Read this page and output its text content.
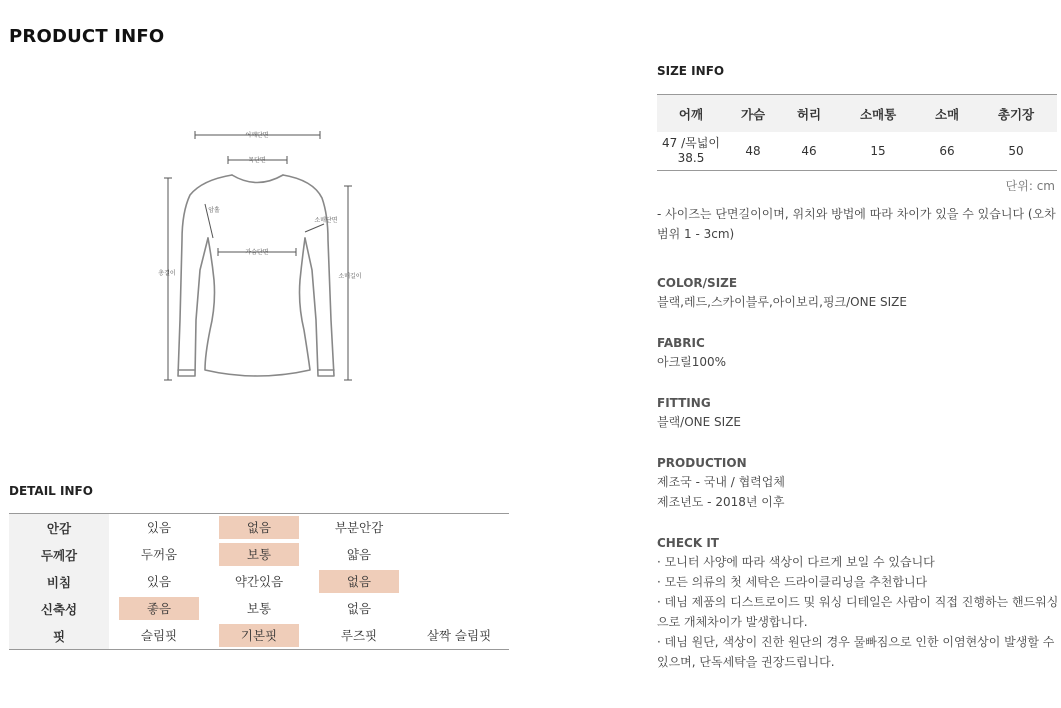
PRODUCT INFO
어깨단면
목단면
암홀
소매단면
가슴단면
총길이	소매길이
DETAIL INFO
안감	있음	없음	부분안감	
두께감	두꺼움	보통	얇음	
비침	있음	약간있음	없음	
신축성	좋음	보통	없음	
핏	슬림핏	기본핏	루즈핏	살짝 슬림핏
SIZE INFO
어깨	가슴	허리	소매통	소매	총기장
47 /목넓이 38.5	48	46	15	66	50
단위: cm
- 사이즈는 단면길이이며, 위치와 방법에 따라 차이가 있을 수 있습니다 (오차범위 1 - 3cm)
COLOR/SIZE
블랙,레드,스카이블루,아이보리,핑크/ONE SIZE
FABRIC
아크릴100%
FITTING
블랙/ONE SIZE
PRODUCTION
제조국 - 국내 / 협력업체
제조년도 - 2018년 이후
CHECK IT
· 모니터 사양에 따라 색상이 다르게 보일 수 있습니다
· 모든 의류의 첫 세탁은 드라이클리닝을 추천합니다
· 데님 제품의 디스트로이드 및 워싱 디테일은 사람이 직접 진행하는 핸드워싱으로 개체차이가 발생합니다.
· 데님 원단, 색상이 진한 원단의 경우 물빠짐으로 인한 이염현상이 발생할 수 있으며, 단독세탁을 권장드립니다.
